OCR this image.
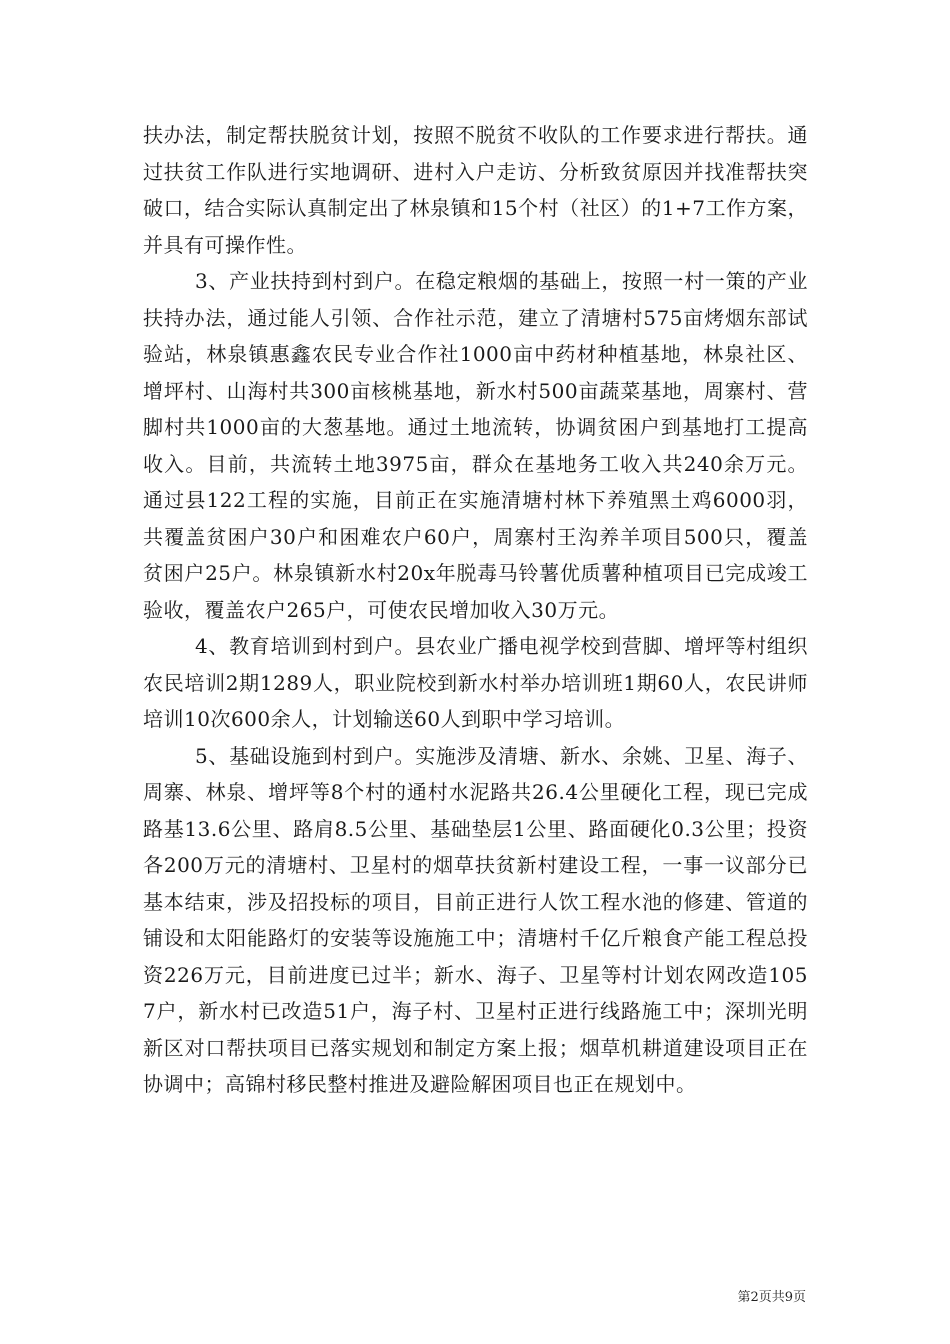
扶办法，制定帮扶脱贫计划，按照不脱贫不收队的工作要求进行帮扶。通过扶贫工作队进行实地调研、进村入户走访、分析致贫原因并找准帮扶突破口，结合实际认真制定出了林泉镇和15个村（社区）的1+7工作方案，并具有可操作性。

3、产业扶持到村到户。在稳定粮烟的基础上，按照一村一策的产业扶持办法，通过能人引领、合作社示范，建立了清塘村575亩烤烟东部试验站，林泉镇惠鑫农民专业合作社1000亩中药材种植基地，林泉社区、增坪村、山海村共300亩核桃基地，新水村500亩蔬菜基地，周寨村、营脚村共1000亩的大葱基地。通过土地流转，协调贫困户到基地打工提高收入。目前，共流转土地3975亩，群众在基地务工收入共240余万元。通过县122工程的实施，目前正在实施清塘村林下养殖黑土鸡6000羽，共覆盖贫困户30户和困难农户60户，周寨村王沟养羊项目500只，覆盖贫困户25户。林泉镇新水村20x年脱毒马铃薯优质薯种植项目已完成竣工验收，覆盖农户265户，可使农民增加收入30万元。

4、教育培训到村到户。县农业广播电视学校到营脚、增坪等村组织农民培训2期1289人，职业院校到新水村举办培训班1期60人，农民讲师培训10次600余人，计划输送60人到职中学习培训。

5、基础设施到村到户。实施涉及清塘、新水、余姚、卫星、海子、周寨、林泉、增坪等8个村的通村水泥路共26.4公里硬化工程，现已完成路基13.6公里、路肩8.5公里、基础垫层1公里、路面硬化0.3公里；投资各200万元的清塘村、卫星村的烟草扶贫新村建设工程，一事一议部分已基本结束，涉及招投标的项目，目前正进行人饮工程水池的修建、管道的铺设和太阳能路灯的安装等设施施工中；清塘村千亿斤粮食产能工程总投资226万元，目前进度已过半；新水、海子、卫星等村计划农网改造1057户，新水村已改造51户，海子村、卫星村正进行线路施工中；深圳光明新区对口帮扶项目已落实规划和制定方案上报；烟草机耕道建设项目正在协调中；高锦村移民整村推进及避险解困项目也正在规划中。

第2页共9页
